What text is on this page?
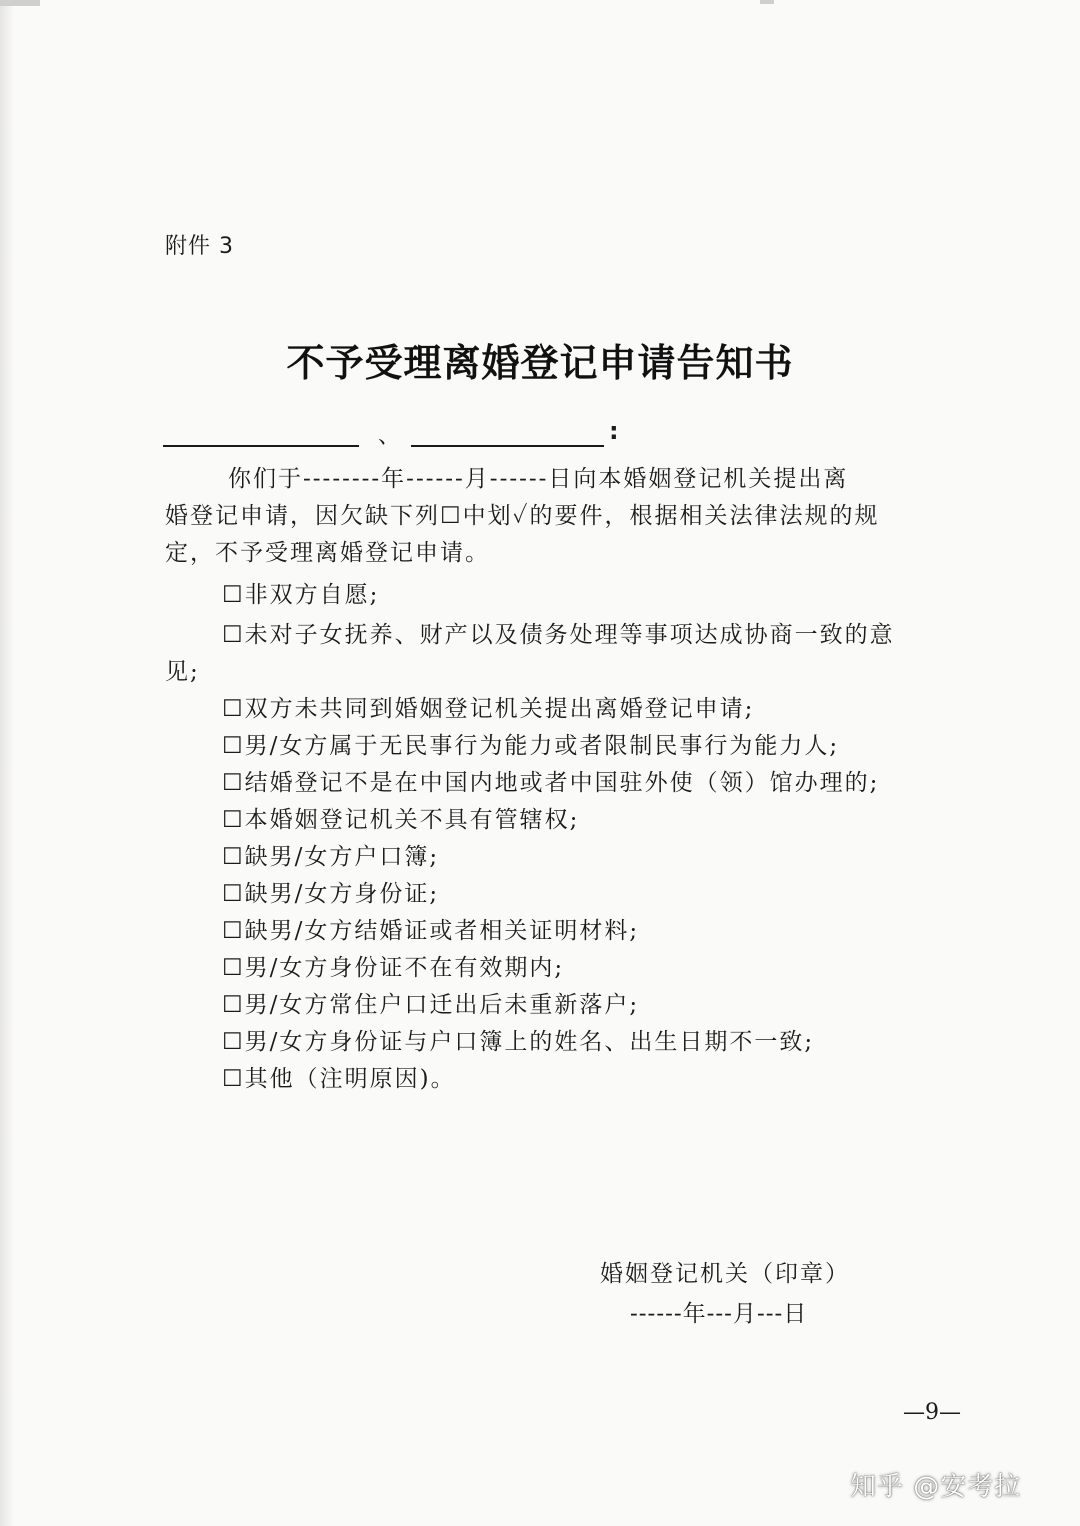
附件 3
不予受理离婚登记申请告知书
、	:
你们于--------年------月------日向本婚姻登记机关提出离
婚登记申请，因欠缺下列☐中划✓的要件，根据相关法律法规的规
定，不予受理离婚登记申请。
☐非双方自愿;
☐未对子女抚养、财产以及债务处理等事项达成协商一致的意
见;
☐双方未共同到婚姻登记机关提出离婚登记申请;
☐男/女方属于无民事行为能力或者限制民事行为能力人;
☐结婚登记不是在中国内地或者中国驻外使（领）馆办理的;
☐本婚姻登记机关不具有管辖权;
☐缺男/女方户口簿;
☐缺男/女方身份证;
☐缺男/女方结婚证或者相关证明材料;
☐男/女方身份证不在有效期内;
☐男/女方常住户口迁出后未重新落户;
☐男/女方身份证与户口簿上的姓名、出生日期不一致;
☐其他（注明原因)。
婚姻登记机关（印章）
------年---月---日
—9—
知乎 @安考拉
